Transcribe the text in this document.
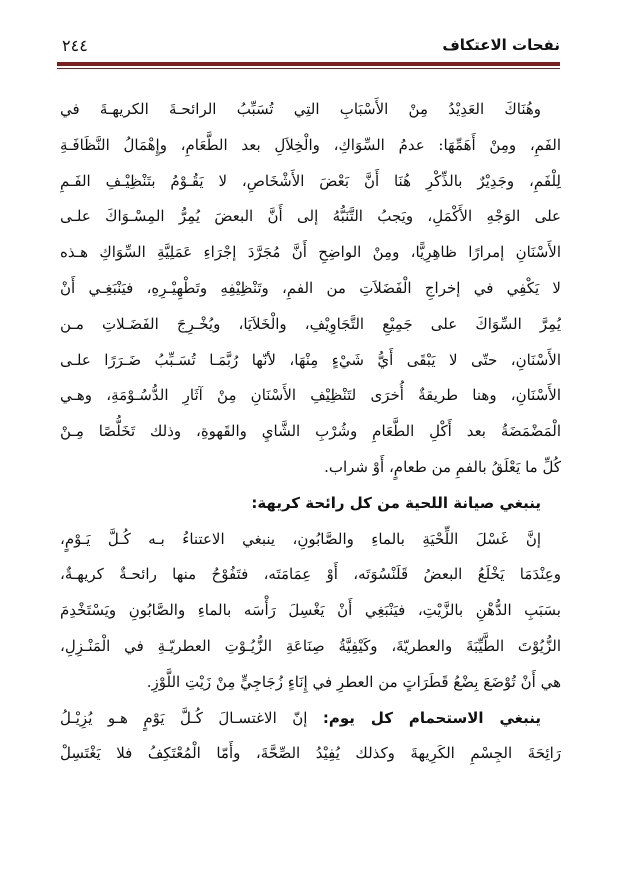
نفحات الاعتكاف
٢٤٤
وهُنَاكَ العَدِيْدُ مِنْ الأَسْبَابِ التِي تُسَبِّبُ الرائحـةَ الكريهـةَ في
الفَمِ، ومِنْ أَهَمِّهَا: عدمُ السِّوَاكِ، والْخِلاَلِ بعد الطَّعَامِ، وإِهْمَالُ النَّظَافَـةِ
لِلْفَمِ، وجَدِيْرٌ بالذِّكْرِ هُنَا أَنَّ بَعْضَ الأَشْخَاصِ، لا يَقُـوْمُ بتَنْظِيْـفِ الفَـمِ
على الوَجْهِ الأَكْمَلِ، ويَجبُ التَّنَبُّهُ إلى أَنَّ البعضَ يُمِرُّ المِسْـوَاكَ علـى
الأَسْنَانِ إمرارًا ظاهِرِيًّا، ومِنْ الواضِحِ أَنَّ مُجَرَّدَ إجْرَاءِ عَمَلِيَّةِ السِّوَاكِ هـذه
لا يَكْفِي في إخراجِ الْفَضَلاَتِ من الفمِ، وتَنْظِيْفِهِ وتَطْهِيْـرِهِ، فيَنْبَغِـي أَنْ
يُمِرَّ السِّوَاكَ على جَمِيْعِ التَّجَاوِيْفِ، والْخَلاَيَا، ويُخْـرِجَ الفَضَـلاتِ مـن
الأَسْنَانِ، حتّى لا يَبْقَى أَيُّ شَيْءٍ مِنْهَا، لأنّها رُبَّمَـا تُسَـبِّبُ ضَـرَرًا علـى
الأَسْنَانِ، وهنا طريقةٌ أُخرَى لتَنْظِيْفِ الأَسْنَانِ مِنْ آثَارِ الدُّسُـوْمَةِ، وهـي
الْمَضْمَضَةُ بعد أَكْلِ الطَّعَامِ وشُرْبِ الشَّايِ والقَهوةِ، وذلك تَخَلُّصًا مِـنْ
كُلِّ ما يَعْلَقُ بالفمِ من طعامٍ، أَوْ شراب.
ينبغي صيانة اللحية من كل رائحة كريهة:
إنَّ غَسْلَ اللِّحْيَةِ بالماءِ والصَّابُونِ، ينبغي الاعتناءُ بـه كُـلَّ يَـوْمٍ،
وعِنْدَمَا يَخْلَعُ البعضُ قَلَنْسُوَتَه، أَوْ عِمَامَتَه، فتَفُوْحُ منها رائحـةٌ كريهـةٌ،
بسَبَبِ الدُّهْنِ بالزَّيْتِ، فيَنْبَغِي أَنْ يَغْسِلَ رَأْسَه بالماءِ والصَّابُونِ ويَسْتَخْدِمَ
الزُّيُوْتَ الطَّيِّبَةَ والعطريّةَ، وكَيْفِيَّةُ صِنَاعَةِ الزُّيُـوْتِ العطريّـةِ في الْمَنْـزِلِ،
هي أَنْ تُوْضَعَ بِضْعُ قَطَرَاتٍ من العطرِ في إِنَاءٍ زُجَاجِيٍّ مِنْ زَيْتِ اللَّوْزِ.
ينبغي الاستحمام كل يوم: إنّ الاغتسـالَ كُـلَّ يَوْمٍ هـو يُزِيْـلُ
رَائِحَةَ الجِسْمِ الكَرِيهةَ وكذلك يُفِيْدُ الصِّحَّةَ، وأَمّا الْمُعْتَكِفُ فلا يَغْتَسِلْ
